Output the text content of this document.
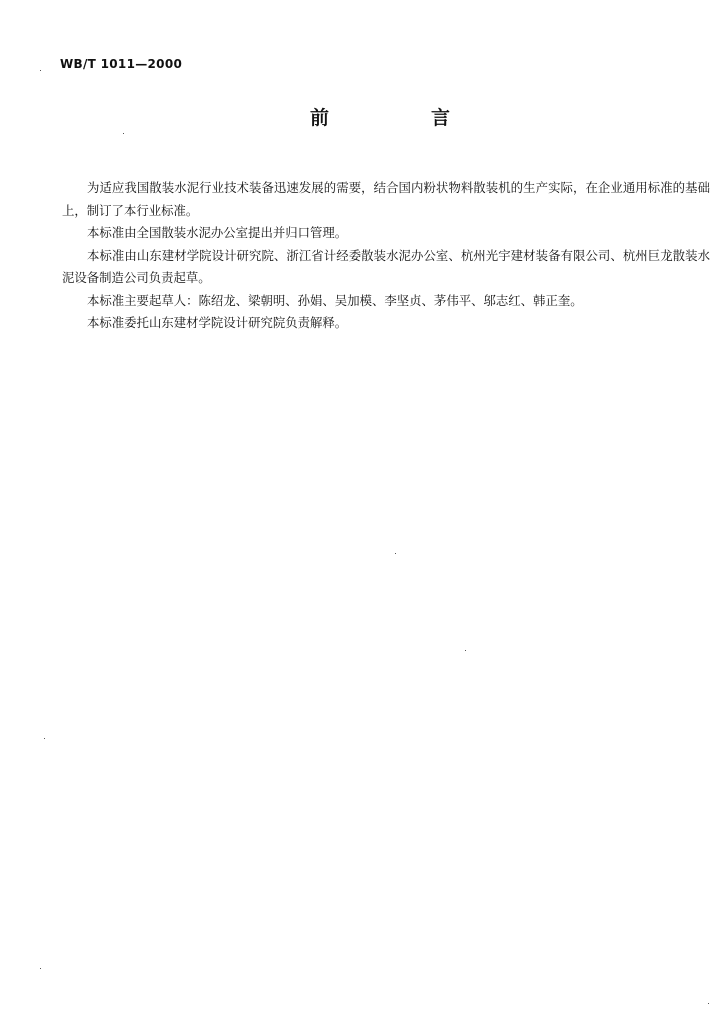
WB/T 1011—2000
前	言

为适应我国散装水泥行业技术装备迅速发展的需要，结合国内粉状物料散装机的生产实际，在企业通用标准的基础上，制订了本行业标准。

本标准由全国散装水泥办公室提出并归口管理。

本标准由山东建材学院设计研究院、浙江省计经委散装水泥办公室、杭州光宇建材装备有限公司、杭州巨龙散装水泥设备制造公司负责起草。

本标准主要起草人：陈绍龙、梁朝明、孙娟、吴加模、李坚贞、茅伟平、邬志红、韩正奎。

本标准委托山东建材学院设计研究院负责解释。
